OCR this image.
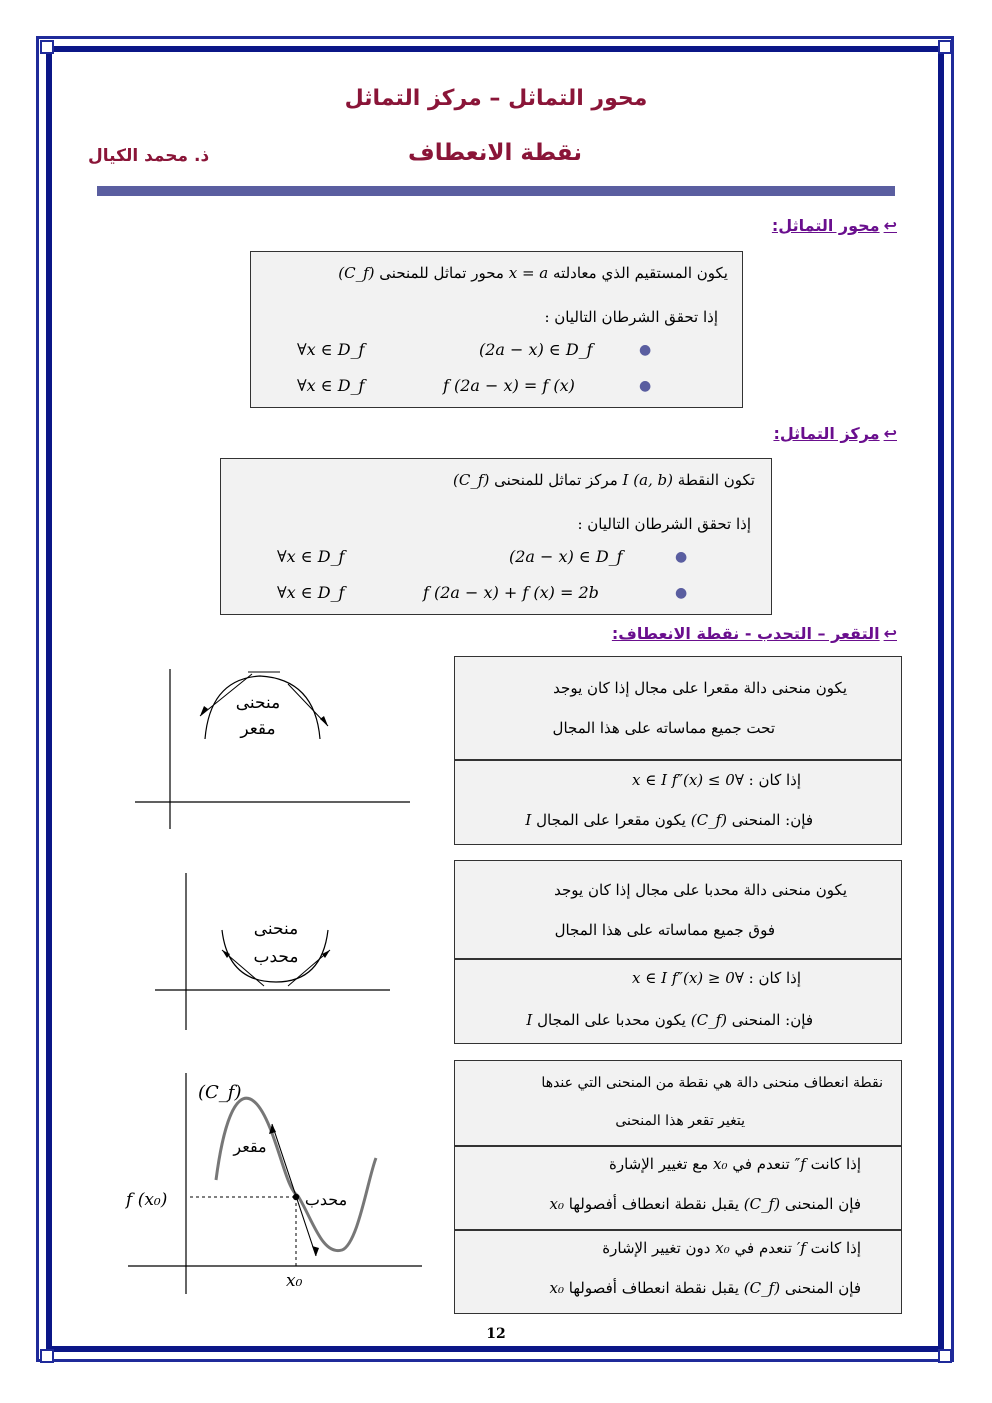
محور التماثل – مركز التماثل
نقطة الانعطاف
ذ. محمد الكيال
↩محور التماثل:
يكون المستقيم الذي معادلته x = a محور تماثل للمنحنى (C_f)
إذا تحقق الشرطان التاليان :
●
(2a − x) ∈ D_f
∀x ∈ D_f
●
f (2a − x) = f (x)
∀x ∈ D_f
↩مركز التماثل:
تكون النقطة I (a, b) مركز تماثل للمنحنى (C_f)
إذا تحقق الشرطان التاليان :
●
(2a − x) ∈ D_f
∀x ∈ D_f
●
f (2a − x) + f (x) = 2b
∀x ∈ D_f
↩التقعر – التحدب - نقطة الانعطاف:
يكون منحنى دالة مقعرا على مجال إذا كان يوجد
تحت جميع مماساته على هذا المجال
إذا كان : ∀x ∈ I f″(x) ≤ 0
فإن: المنحنى (C_f) يكون مقعرا على المجال I
منحنى
مقعر
يكون منحنى دالة محدبا على مجال إذا كان يوجد
فوق جميع مماساته على هذا المجال
إذا كان : ∀x ∈ I f″(x) ≥ 0
فإن: المنحنى (C_f) يكون محدبا على المجال I
منحنى
محدب
نقطة انعطاف منحنى دالة هي نقطة من المنحنى التي عندها
يتغير تقعر هذا المنحنى
إذا كانت f″ تنعدم في x₀ مع تغيير الإشارة
فإن المنحنى (C_f) يقبل نقطة انعطاف أفصولها x₀
إذا كانت f′ تنعدم في x₀ دون تغيير الإشارة
فإن المنحنى (C_f) يقبل نقطة انعطاف أفصولها x₀
(C_f)
مقعر
محدب
f (x₀)
x₀
12
